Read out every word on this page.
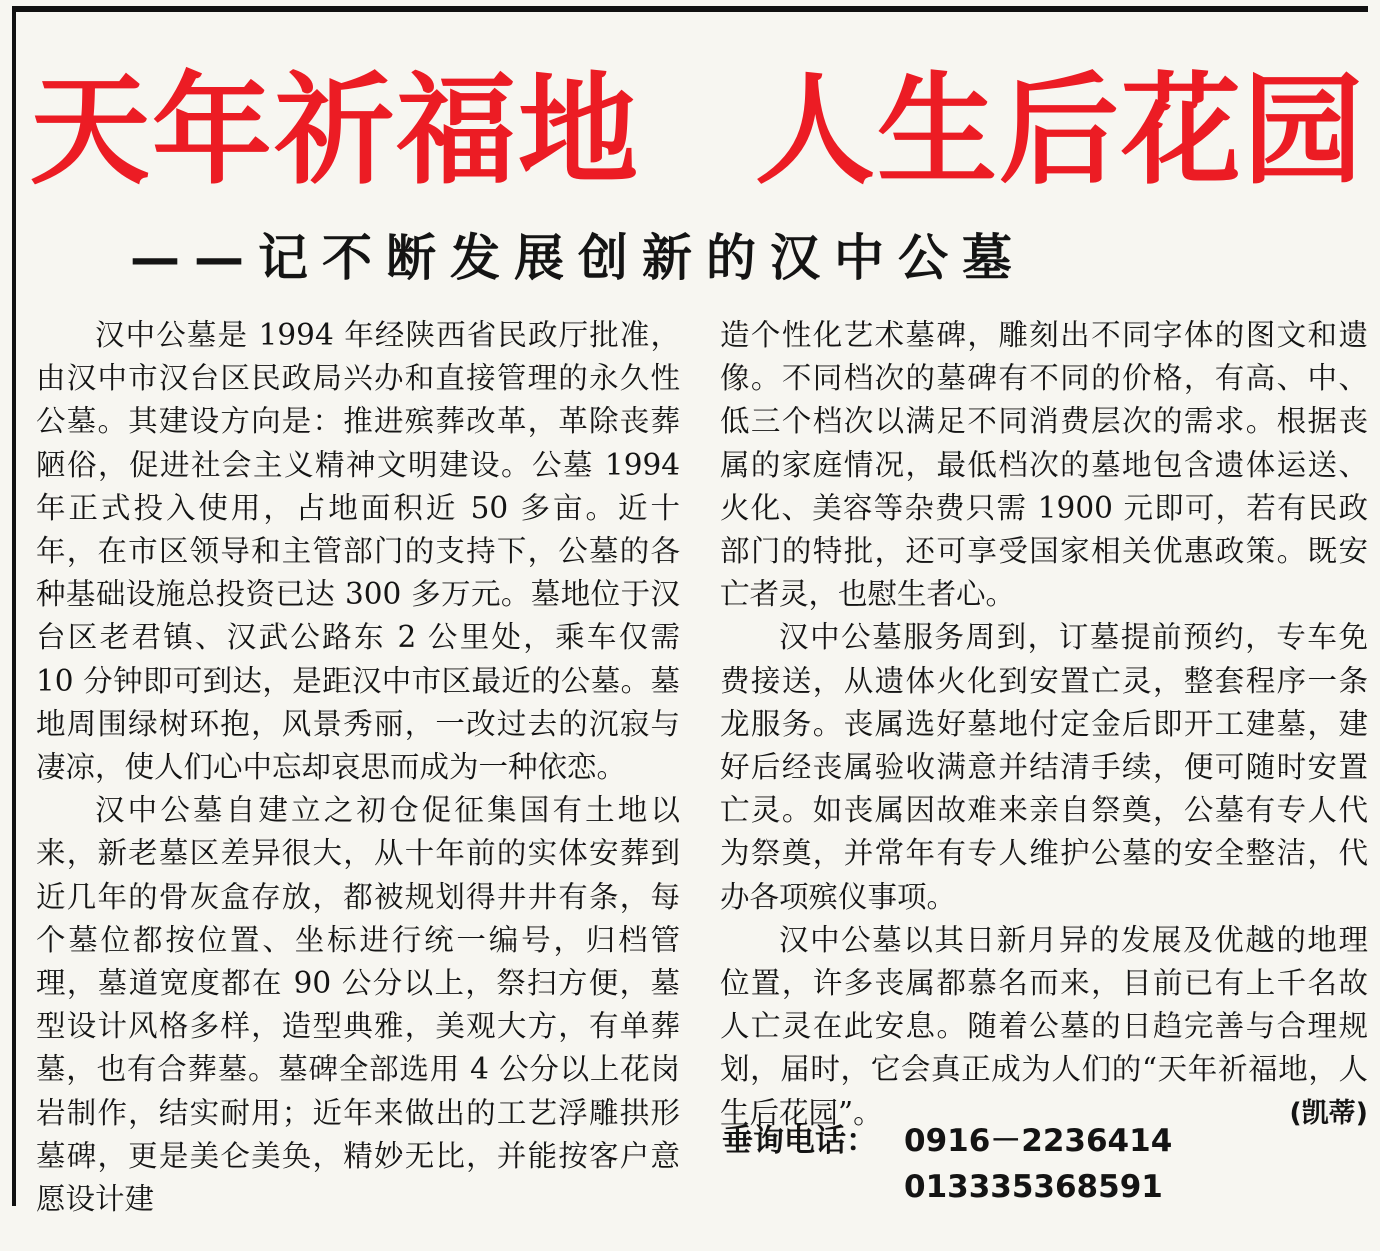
天年祈福地 人生后花园
——记不断发展创新的汉中公墓

汉中公墓是 1994 年经陕西省民政厅批准，由汉中市汉台区民政局兴办和直接管理的永久性公墓。其建设方向是：推进殡葬改革，革除丧葬陋俗，促进社会主义精神文明建设。公墓 1994 年正式投入使用，占地面积近 50 多亩。近十年，在市区领导和主管部门的支持下，公墓的各种基础设施总投资已达 300 多万元。墓地位于汉台区老君镇、汉武公路东 2 公里处，乘车仅需 10 分钟即可到达，是距汉中市区最近的公墓。墓地周围绿树环抱，风景秀丽，一改过去的沉寂与凄凉，使人们心中忘却哀思而成为一种依恋。

汉中公墓自建立之初仓促征集国有土地以来，新老墓区差异很大，从十年前的实体安葬到近几年的骨灰盒存放，都被规划得井井有条，每个墓位都按位置、坐标进行统一编号，归档管理，墓道宽度都在 90 公分以上，祭扫方便，墓型设计风格多样，造型典雅，美观大方，有单葬墓，也有合葬墓。墓碑全部选用 4 公分以上花岗岩制作，结实耐用；近年来做出的工艺浮雕拱形墓碑，更是美仑美奂，精妙无比，并能按客户意愿设计建

造个性化艺术墓碑，雕刻出不同字体的图文和遗像。不同档次的墓碑有不同的价格，有高、中、低三个档次以满足不同消费层次的需求。根据丧属的家庭情况，最低档次的墓地包含遗体运送、火化、美容等杂费只需 1900 元即可，若有民政部门的特批，还可享受国家相关优惠政策。既安亡者灵，也慰生者心。

汉中公墓服务周到，订墓提前预约，专车免费接送，从遗体火化到安置亡灵，整套程序一条龙服务。丧属选好墓地付定金后即开工建墓，建好后经丧属验收满意并结清手续，便可随时安置亡灵。如丧属因故难来亲自祭奠，公墓有专人代为祭奠，并常年有专人维护公墓的安全整洁，代办各项殡仪事项。

汉中公墓以其日新月异的发展及优越的地理位置，许多丧属都慕名而来，目前已有上千名故人亡灵在此安息。随着公墓的日趋完善与合理规划，届时，它会真正成为人们的“天年祈福地，人生后花园”。	(凯蒂)
垂询电话： 0916－2236414
013335368591
